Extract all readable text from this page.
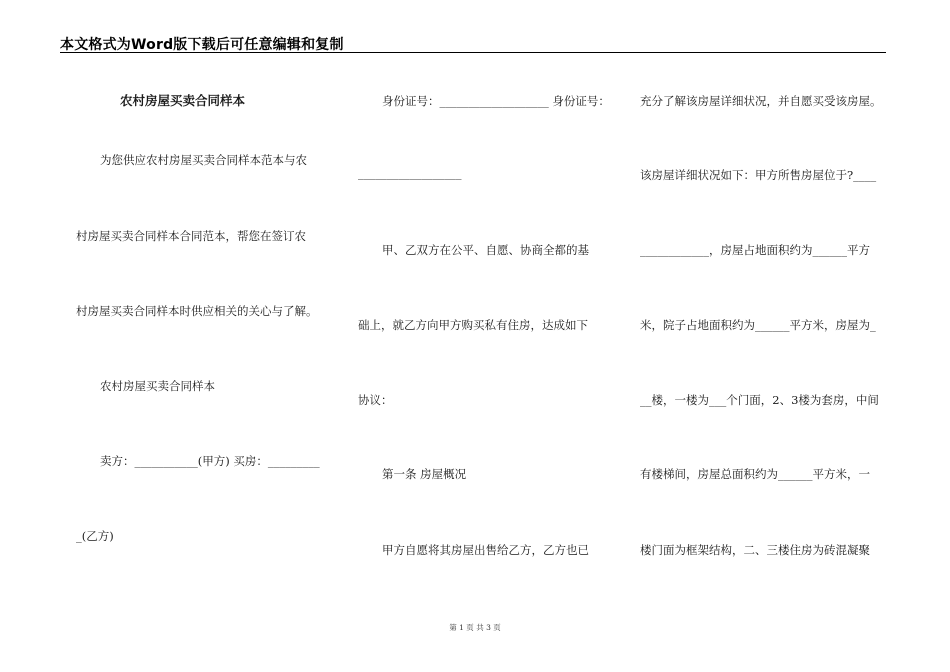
本文格式为Word版下载后可任意编辑和复制
农村房屋买卖合同样本
为您供应农村房屋买卖合同样本范本与农
村房屋买卖合同样本合同范本，帮您在签订农
村房屋买卖合同样本时供应相关的关心与了解。
农村房屋买卖合同样本
卖方：___________(甲方) 买房：_________
_(乙方)
身份证号：___________________ 身份证号：
__________________
甲、乙双方在公平、自愿、协商全都的基
础上，就乙方向甲方购买私有住房，达成如下
协议：
第一条 房屋概况
甲方自愿将其房屋出售给乙方，乙方也已
充分了解该房屋详细状况，并自愿买受该房屋。
该房屋详细状况如下：甲方所售房屋位于?____
____________，房屋占地面积约为______平方
米，院子占地面积约为______平方米，房屋为_
__楼，一楼为___个门面，2、3楼为套房，中间
有楼梯间，房屋总面积约为______平方米，一
楼门面为框架结构，二、三楼住房为砖混凝聚
第 1 页 共 3 页
